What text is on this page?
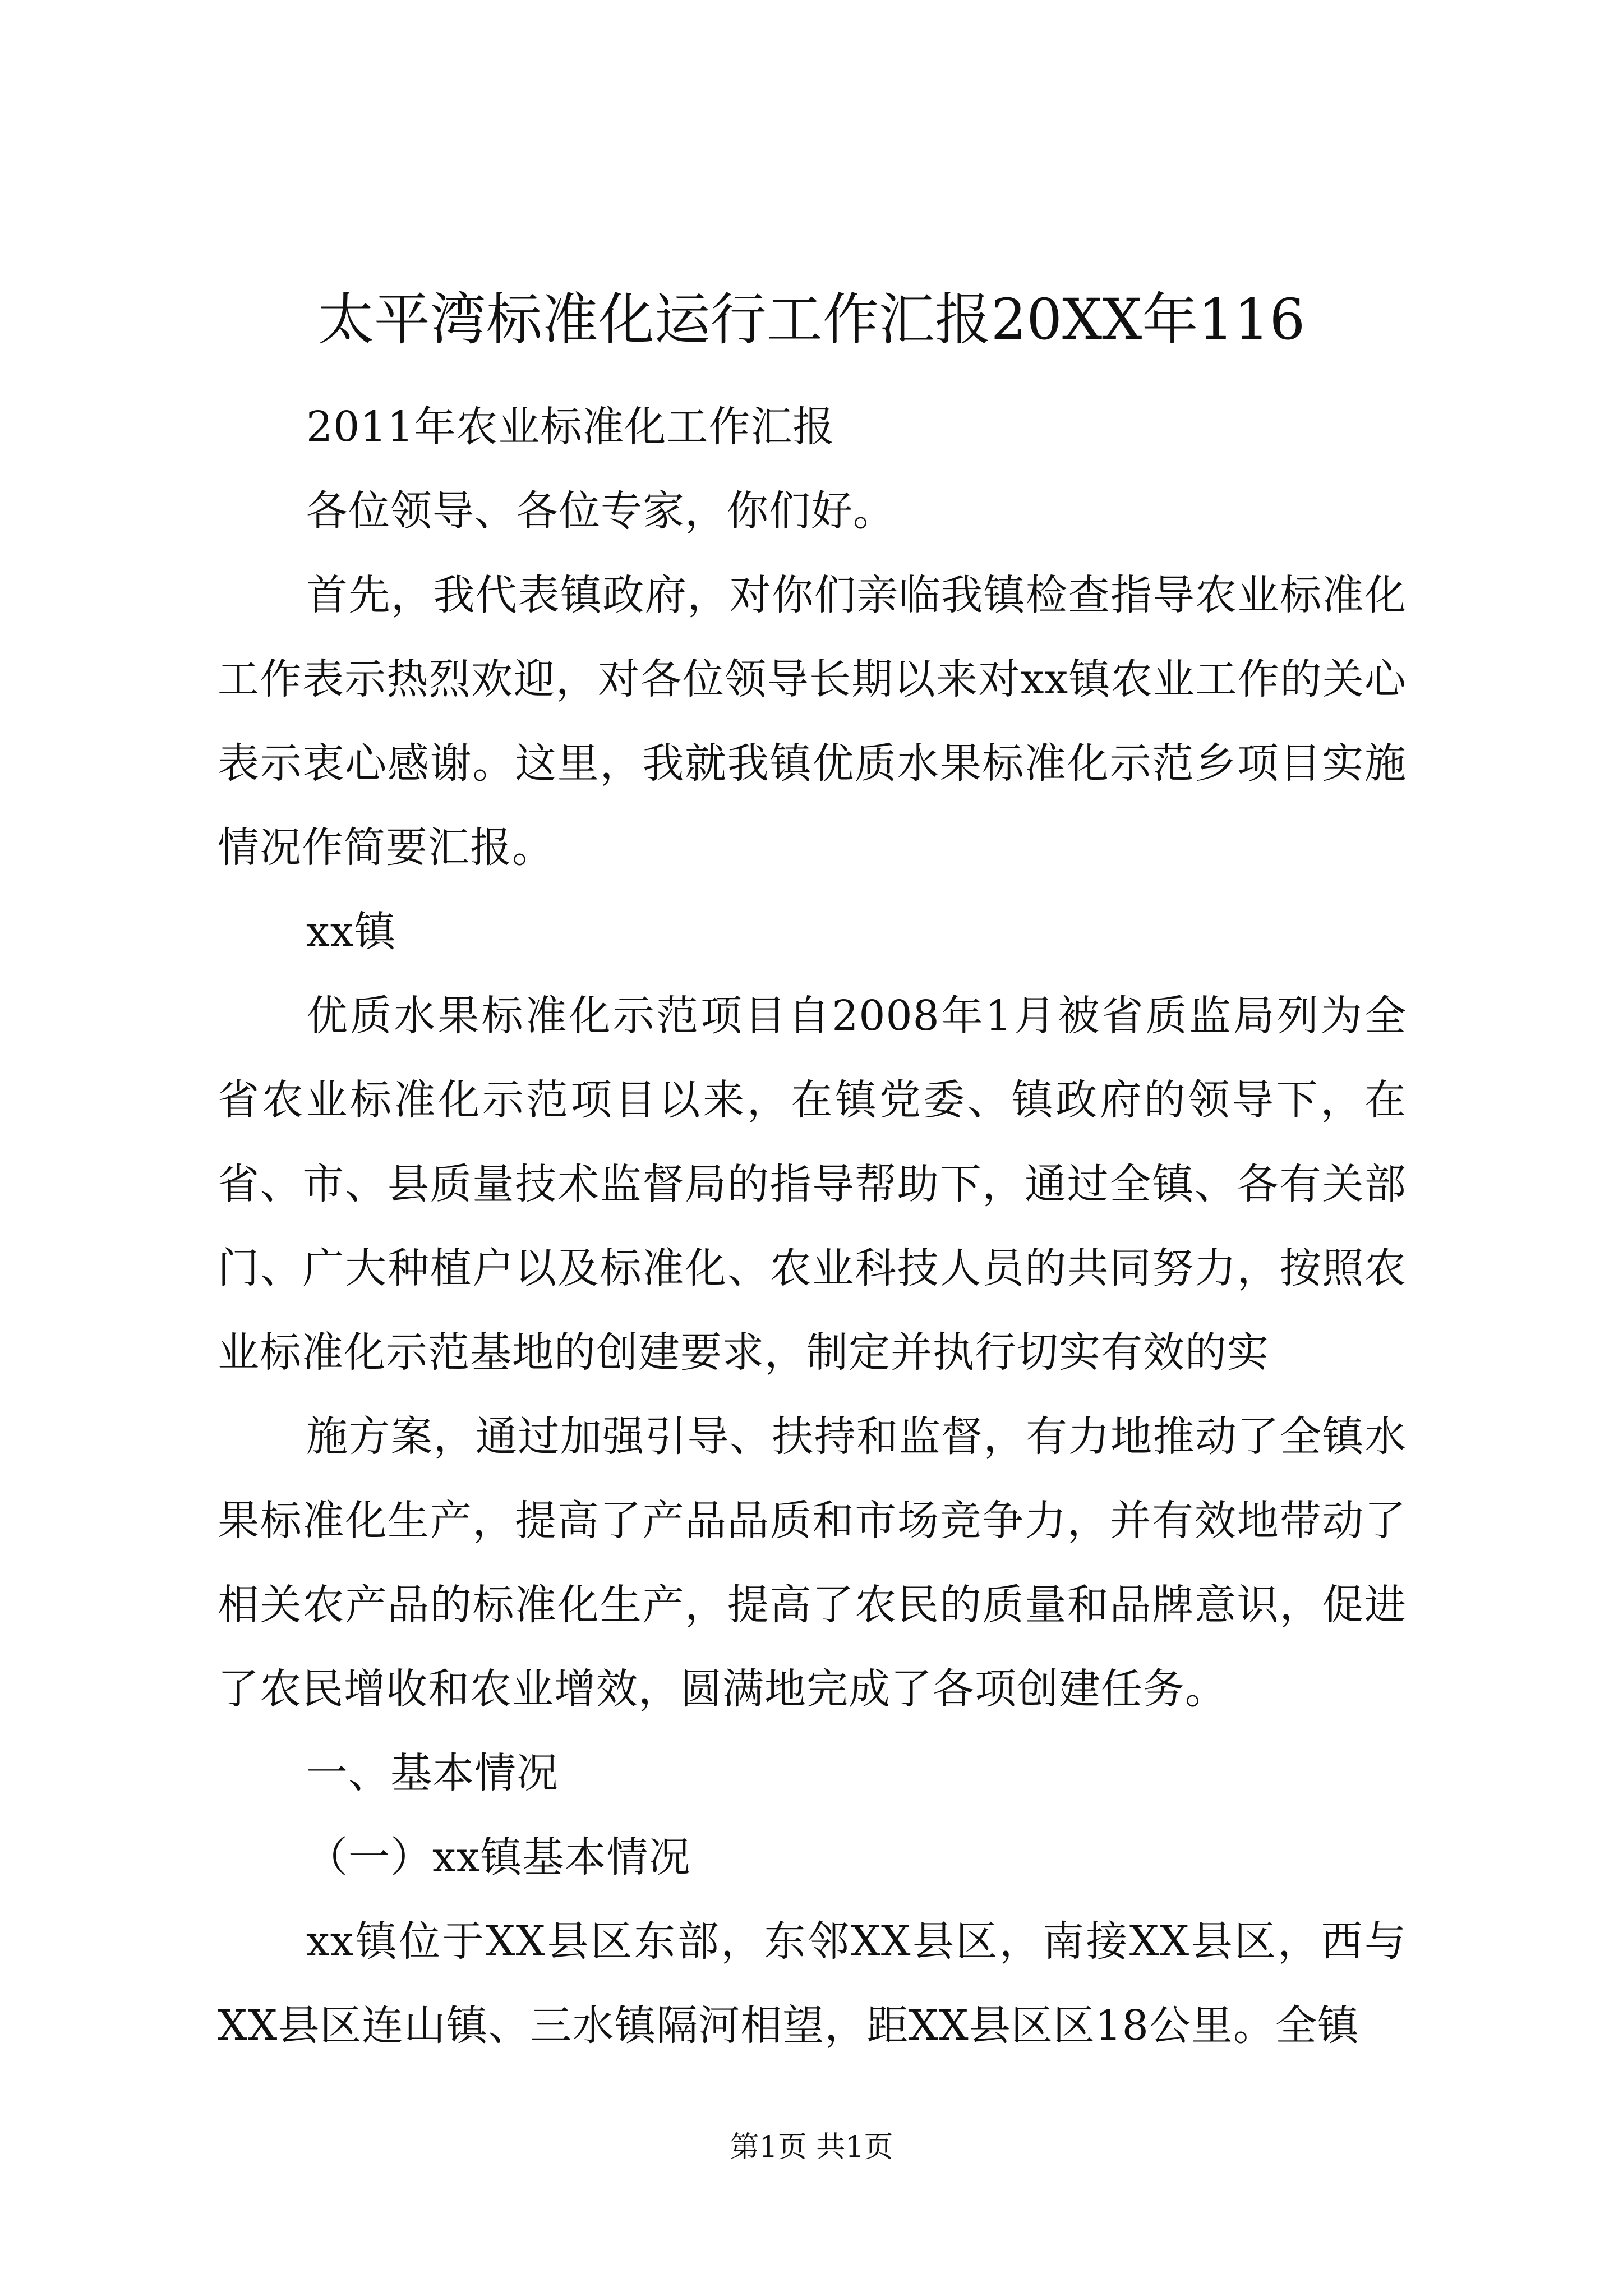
太平湾标准化运行工作汇报20XX年116

2011年农业标准化工作汇报

各位领导、各位专家，你们好。

首先，我代表镇政府，对你们亲临我镇检查指导农业标准化工作表示热烈欢迎，对各位领导长期以来对xx镇农业工作的关心表示衷心感谢。这里，我就我镇优质水果标准化示范乡项目实施情况作简要汇报。

xx镇

优质水果标准化示范项目自2008年1月被省质监局列为全省农业标准化示范项目以来，在镇党委、镇政府的领导下，在省、市、县质量技术监督局的指导帮助下，通过全镇、各有关部门、广大种植户以及标准化、农业科技人员的共同努力，按照农业标准化示范基地的创建要求，制定并执行切实有效的实

施方案，通过加强引导、扶持和监督，有力地推动了全镇水果标准化生产，提高了产品品质和市场竞争力，并有效地带动了相关农产品的标准化生产，提高了农民的质量和品牌意识，促进了农民增收和农业增效，圆满地完成了各项创建任务。

一、基本情况

（一）xx镇基本情况

xx镇位于XX县区东部，东邻XX县区，南接XX县区，西与XX县区连山镇、三水镇隔河相望，距XX县区区18公里。全镇

第1页 共1页
